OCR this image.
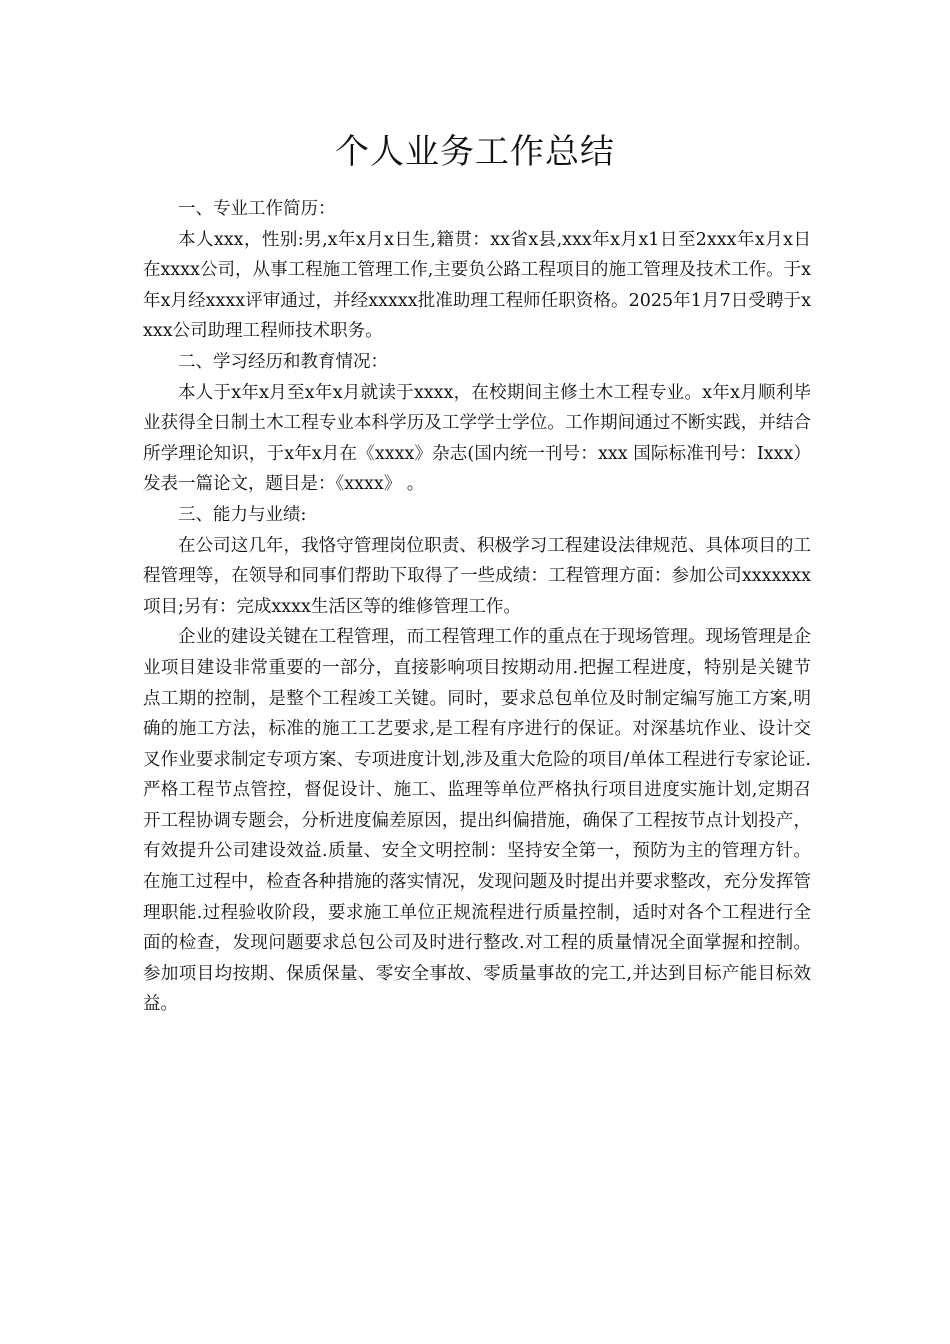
个人业务工作总结

一、专业工作简历：

本人xxx，性别:男,x年x月x日生,籍贯：xx省x县,xxx年x月x1日至2xxx年x月x日在xxxx公司，从事工程施工管理工作,主要负公路工程项目的施工管理及技术工作。于x年x月经xxxx评审通过，并经xxxxx批准助理工程师任职资格。2025年1月7日受聘于xxxx公司助理工程师技术职务。

二、学习经历和教育情况：

本人于x年x月至x年x月就读于xxxx，在校期间主修土木工程专业。x年x月顺利毕业获得全日制土木工程专业本科学历及工学学士学位。工作期间通过不断实践，并结合所学理论知识，于x年x月在《xxxx》杂志(国内统一刊号：xxx 国际标准刊号：Ixxx）发表一篇论文，题目是：《xxxx》 。

三、能力与业绩:

在公司这几年，我恪守管理岗位职责、积极学习工程建设法律规范、具体项目的工程管理等，在领导和同事们帮助下取得了一些成绩：工程管理方面：参加公司xxxxxxx项目;另有：完成xxxx生活区等的维修管理工作。

企业的建设关键在工程管理，而工程管理工作的重点在于现场管理。现场管理是企业项目建设非常重要的一部分，直接影响项目按期动用.把握工程进度，特别是关键节点工期的控制，是整个工程竣工关键。同时，要求总包单位及时制定编写施工方案,明确的施工方法，标准的施工工艺要求,是工程有序进行的保证。对深基坑作业、设计交叉作业要求制定专项方案、专项进度计划,涉及重大危险的项目/单体工程进行专家论证.严格工程节点管控，督促设计、施工、监理等单位严格执行项目进度实施计划,定期召开工程协调专题会，分析进度偏差原因，提出纠偏措施，确保了工程按节点计划投产，有效提升公司建设效益.质量、安全文明控制：坚持安全第一，预防为主的管理方针。在施工过程中，检查各种措施的落实情况，发现问题及时提出并要求整改，充分发挥管理职能.过程验收阶段，要求施工单位正规流程进行质量控制，适时对各个工程进行全面的检查，发现问题要求总包公司及时进行整改.对工程的质量情况全面掌握和控制。参加项目均按期、保质保量、零安全事故、零质量事故的完工,并达到目标产能目标效益。
